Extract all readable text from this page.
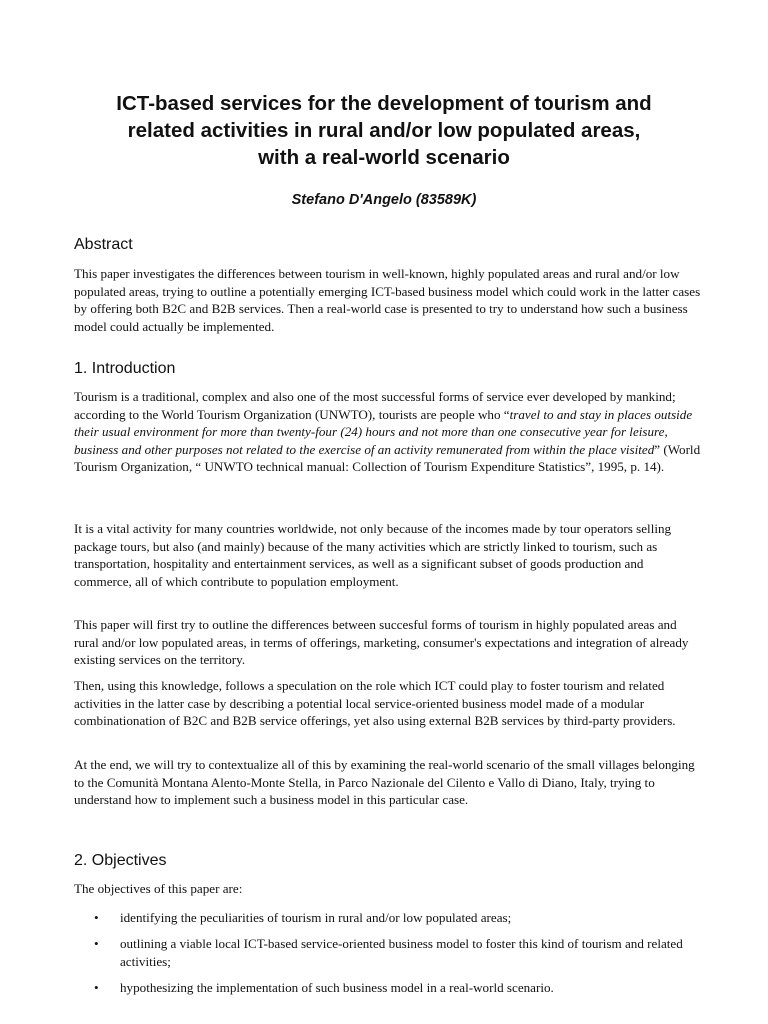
ICT-based services for the development of tourism and
related activities in rural and/or low populated areas,
with a real-world scenario

Stefano D'Angelo (83589K)

Abstract

This paper investigates the differences between tourism in well-known, highly populated areas and rural and/or low populated areas, trying to outline a potentially emerging ICT-based business model which could work in the latter cases by offering both B2C and B2B services. Then a real-world case is presented to try to understand how such a business model could actually be implemented.

1. Introduction

Tourism is a traditional, complex and also one of the most successful forms of service ever developed by mankind; according to the World Tourism Organization (UNWTO), tourists are people who “travel to and stay in places outside their usual environment for more than twenty-four (24) hours and not more than one consecutive year for leisure, business and other purposes not related to the exercise of an activity remunerated from within the place visited” (World Tourism Organization, “ UNWTO technical manual: Collection of Tourism Expenditure Statistics”, 1995, p. 14).

It is a vital activity for many countries worldwide, not only because of the incomes made by tour operators selling package tours, but also (and mainly) because of the many activities which are strictly linked to tourism, such as transportation, hospitality and entertainment services, as well as a significant subset of goods production and commerce, all of which contribute to population employment.

This paper will first try to outline the differences between succesful forms of tourism in highly populated areas and rural and/or low populated areas, in terms of offerings, marketing, consumer's expectations and integration of already existing services on the territory.

Then, using this knowledge, follows a speculation on the role which ICT could play to foster tourism and related activities in the latter case by describing a potential local service-oriented business model made of a modular combinationation of B2C and B2B service offerings, yet also using external B2B services by third-party providers.

At the end, we will try to contextualize all of this by examining the real-world scenario of the small villages belonging to the Comunità Montana Alento-Monte Stella, in Parco Nazionale del Cilento e Vallo di Diano, Italy, trying to understand how to implement such a business model in this particular case.

2. Objectives

The objectives of this paper are:

• identifying the peculiarities of tourism in rural and/or low populated areas;
• outlining a viable local ICT-based service-oriented business model to foster this kind of tourism and related activities;
• hypothesizing the implementation of such business model in a real-world scenario.
